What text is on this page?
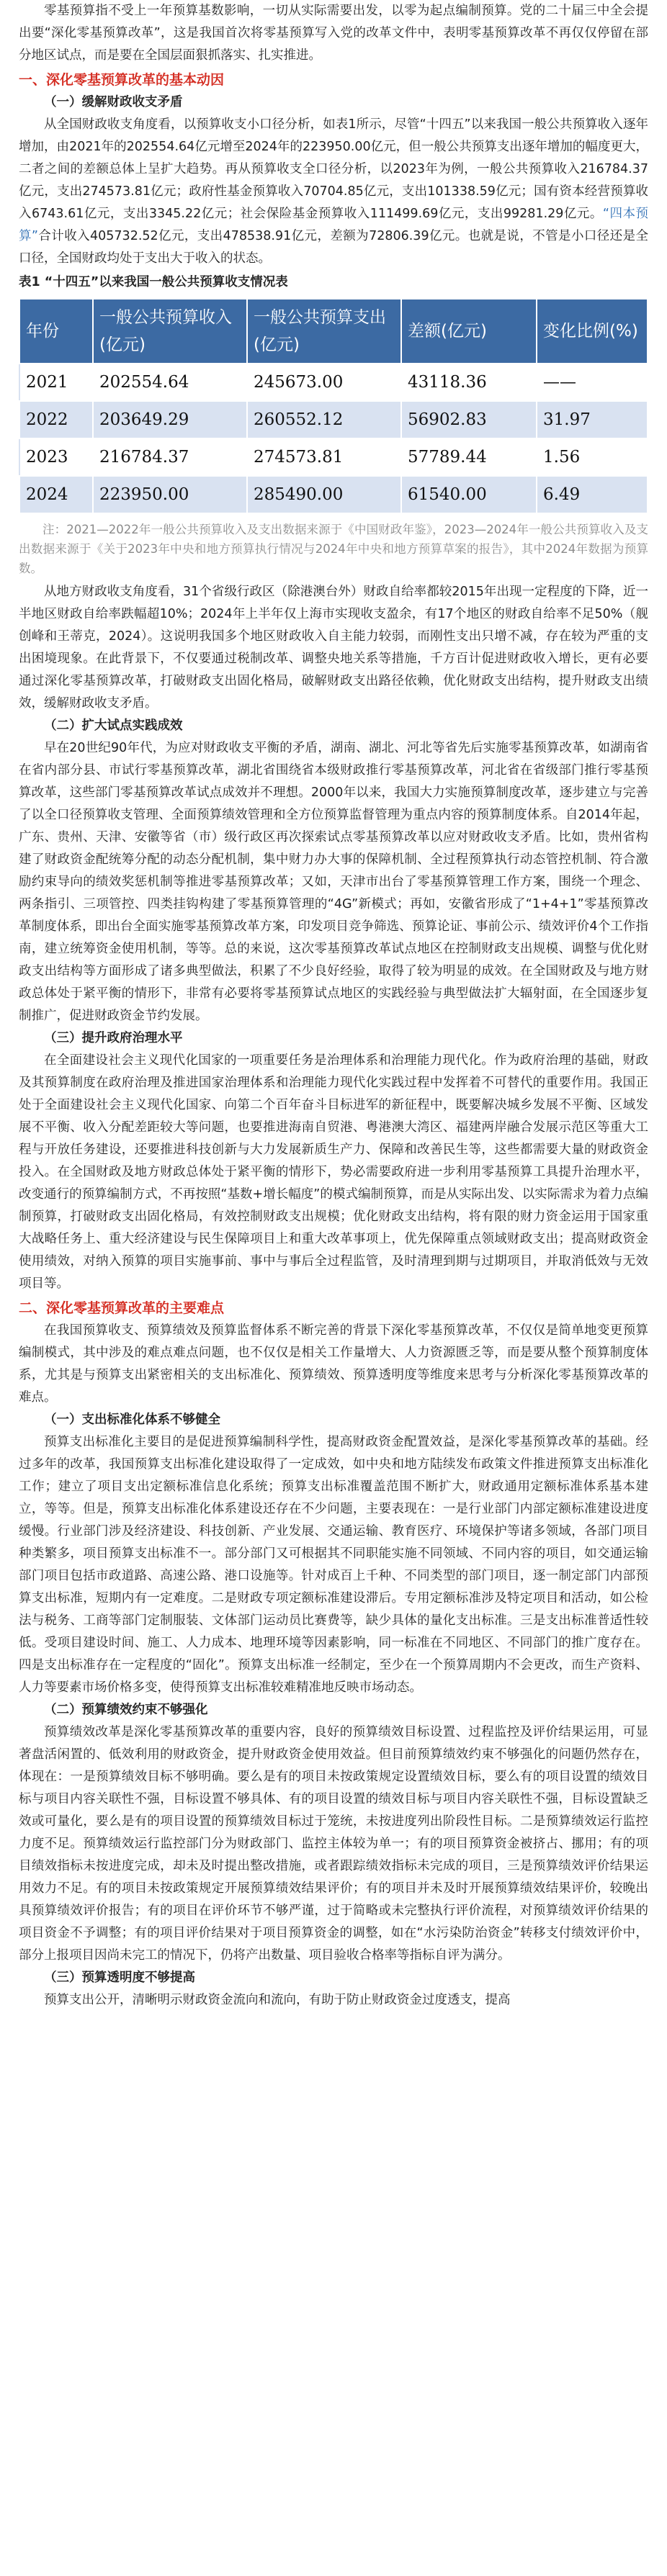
零基预算指不受上一年预算基数影响，一切从实际需要出发，以零为起点编制预算。党的二十届三中全会提出要“深化零基预算改革”，这是我国首次将零基预算写入党的改革文件中，表明零基预算改革不再仅仅停留在部分地区试点，而是要在全国层面狠抓落实、扎实推进。

一、深化零基预算改革的基本动因
（一）缓解财政收支矛盾

从全国财政收支角度看，以预算收支小口径分析，如表1所示，尽管“十四五”以来我国一般公共预算收入逐年增加，由2021年的202554.64亿元增至2024年的223950.00亿元，但一般公共预算支出逐年增加的幅度更大，二者之间的差额总体上呈扩大趋势。再从预算收支全口径分析，以2023年为例，一般公共预算收入216784.37亿元，支出274573.81亿元；政府性基金预算收入70704.85亿元，支出101338.59亿元；国有资本经营预算收入6743.61亿元，支出3345.22亿元；社会保险基金预算收入111499.69亿元，支出99281.29亿元。“四本预算”合计收入405732.52亿元，支出478538.91亿元，差额为72806.39亿元。也就是说，不管是小口径还是全口径，全国财政均处于支出大于收入的状态。

表1 “十四五”以来我国一般公共预算收支情况表
年份	一般公共预算收入(亿元)	一般公共预算支出(亿元)	差额(亿元)	变化比例(%)
2021	202554.64	245673.00	43118.36	——
2022	203649.29	260552.12	56902.83	31.97
2023	216784.37	274573.81	57789.44	1.56
2024	223950.00	285490.00	61540.00	6.49

注：2021—2022年一般公共预算收入及支出数据来源于《中国财政年鉴》，2023—2024年一般公共预算收入及支出数据来源于《关于2023年中央和地方预算执行情况与2024年中央和地方预算草案的报告》，其中2024年数据为预算数。

从地方财政收支角度看，31个省级行政区（除港澳台外）财政自给率都较2015年出现一定程度的下降，近一半地区财政自给率跌幅超10%；2024年上半年仅上海市实现收支盈余，有17个地区的财政自给率不足50%（舰创峰和王蒂克，2024）。这说明我国多个地区财政收入自主能力较弱，而刚性支出只增不减，存在较为严重的支出困境现象。在此背景下，不仅要通过税制改革、调整央地关系等措施，千方百计促进财政收入增长，更有必要通过深化零基预算改革，打破财政支出固化格局，破解财政支出路径依赖，优化财政支出结构，提升财政支出绩效，缓解财政收支矛盾。

（二）扩大试点实践成效

早在20世纪90年代，为应对财政收支平衡的矛盾，湖南、湖北、河北等省先后实施零基预算改革，如湖南省在省内部分县、市试行零基预算改革，湖北省围绕省本级财政推行零基预算改革，河北省在省级部门推行零基预算改革，这些部门零基预算改革试点成效并不理想。2000年以来，我国大力实施预算制度改革，逐步建立与完善了以全口径预算收支管理、全面预算绩效管理和全方位预算监督管理为重点内容的预算制度体系。自2014年起，广东、贵州、天津、安徽等省（市）级行政区再次探索试点零基预算改革以应对财政收支矛盾。比如，贵州省构建了财政资金配统筹分配的动态分配机制，集中财力办大事的保障机制、全过程预算执行动态管控机制、符合激励约束导向的绩效奖惩机制等推进零基预算改革；又如，天津市出台了零基预算管理工作方案，围绕一个理念、两条指引、三项管控、四类挂钩构建了零基预算管理的“4G”新模式；再如，安徽省形成了“1+4+1”零基预算改革制度体系，即出台全面实施零基预算改革方案，印发项目竞争筛选、预算论证、事前公示、绩效评价4个工作指南，建立统筹资金使用机制，等等。总的来说，这次零基预算改革试点地区在控制财政支出规模、调整与优化财政支出结构等方面形成了诸多典型做法，积累了不少良好经验，取得了较为明显的成效。在全国财政及与地方财政总体处于紧平衡的情形下，非常有必要将零基预算试点地区的实践经验与典型做法扩大辐射面，在全国逐步复制推广，促进财政资金节约发展。

（三）提升政府治理水平

在全面建设社会主义现代化国家的一项重要任务是治理体系和治理能力现代化。作为政府治理的基础，财政及其预算制度在政府治理及推进国家治理体系和治理能力现代化实践过程中发挥着不可替代的重要作用。我国正处于全面建设社会主义现代化国家、向第二个百年奋斗目标进军的新征程中，既要解决城乡发展不平衡、区域发展不平衡、收入分配差距较大等问题，也要推进海南自贸港、粤港澳大湾区、福建两岸融合发展示范区等重大工程与开放任务建设，还要推进科技创新与大力发展新质生产力、保障和改善民生等，这些都需要大量的财政资金投入。在全国财政及地方财政总体处于紧平衡的情形下，势必需要政府进一步利用零基预算工具提升治理水平，改变通行的预算编制方式，不再按照“基数+增长幅度”的模式编制预算，而是从实际出发、以实际需求为着力点编制预算，打破财政支出固化格局，有效控制财政支出规模；优化财政支出结构，将有限的财力资金运用于国家重大战略任务上、重大经济建设与民生保障项目上和重大改革事项上，优先保障重点领域财政支出；提高财政资金使用绩效，对纳入预算的项目实施事前、事中与事后全过程监管，及时清理到期与过期项目，并取消低效与无效项目等。

二、深化零基预算改革的主要难点

在我国预算收支、预算绩效及预算监督体系不断完善的背景下深化零基预算改革，不仅仅是简单地变更预算编制模式，其中涉及的难点难点问题，也不仅仅是相关工作量增大、人力资源匮乏等，而是要从整个预算制度体系，尤其是与预算支出紧密相关的支出标准化、预算绩效、预算透明度等维度来思考与分析深化零基预算改革的难点。

（一）支出标准化体系不够健全

预算支出标准化主要目的是促进预算编制科学性，提高财政资金配置效益，是深化零基预算改革的基础。经过多年的改革，我国预算支出标准化建设取得了一定成效，如中央和地方陆续发布政策文件推进预算支出标准化工作；建立了项目支出定额标准信息化系统；预算支出标准覆盖范围不断扩大，财政通用定额标准体系基本建立，等等。但是，预算支出标准化体系建设还存在不少问题，主要表现在：一是行业部门内部定额标准建设进度缓慢。行业部门涉及经济建设、科技创新、产业发展、交通运输、教育医疗、环境保护等诸多领域，各部门项目种类繁多，项目预算支出标准不一。部分部门又可根据其不同职能实施不同领域、不同内容的项目，如交通运输部门项目包括市政道路、高速公路、港口设施等。针对成百上千种、不同类型的部门项目，逐一制定部门内部预算支出标准，短期内有一定难度。二是财政专项定额标准建设滞后。专用定额标准涉及特定项目和活动，如公检法与税务、工商等部门定制服装、文体部门运动员比赛费等，缺少具体的量化支出标准。三是支出标准普适性较低。受项目建设时间、施工、人力成本、地理环境等因素影响，同一标准在不同地区、不同部门的推广度存在。四是支出标准存在一定程度的“固化”。预算支出标准一经制定，至少在一个预算周期内不会更改，而生产资料、人力等要素市场价格多变，使得预算支出标准较难精准地反映市场动态。

（二）预算绩效约束不够强化

预算绩效改革是深化零基预算改革的重要内容，良好的预算绩效目标设置、过程监控及评价结果运用，可显著盘活闲置的、低效利用的财政资金，提升财政资金使用效益。但目前预算绩效约束不够强化的问题仍然存在，体现在：一是预算绩效目标不够明确。要么是有的项目未按政策规定设置绩效目标，要么有的项目设置的绩效目标与项目内容关联性不强，目标设置不够具体、有的项目设置的绩效目标与项目内容关联性不强，目标设置缺乏效或可量化，要么是有的项目设置的预算绩效目标过于笼统，未按进度列出阶段性目标。二是预算绩效运行监控力度不足。预算绩效运行监控部门分为财政部门、监控主体较为单一；有的项目预算资金被挤占、挪用；有的项目绩效指标未按进度完成，却未及时提出整改措施，或者跟踪绩效指标未完成的项目，三是预算绩效评价结果运用效力不足。有的项目未按政策规定开展预算绩效结果评价；有的项目并未及时开展预算绩效结果评价，较晚出具预算绩效评价报告；有的项目在评价环节不够严谨，过于简略或未完整执行评价流程，对预算绩效评价结果的项目资金不予调整；有的项目评价结果对于项目预算资金的调整，如在“水污染防治资金”转移支付绩效评价中，部分上报项目因尚未完工的情况下，仍将产出数量、项目验收合格率等指标自评为满分。

（三）预算透明度不够提高

预算支出公开，清晰明示财政资金流向和流向，有助于防止财政资金过度透支，提高
